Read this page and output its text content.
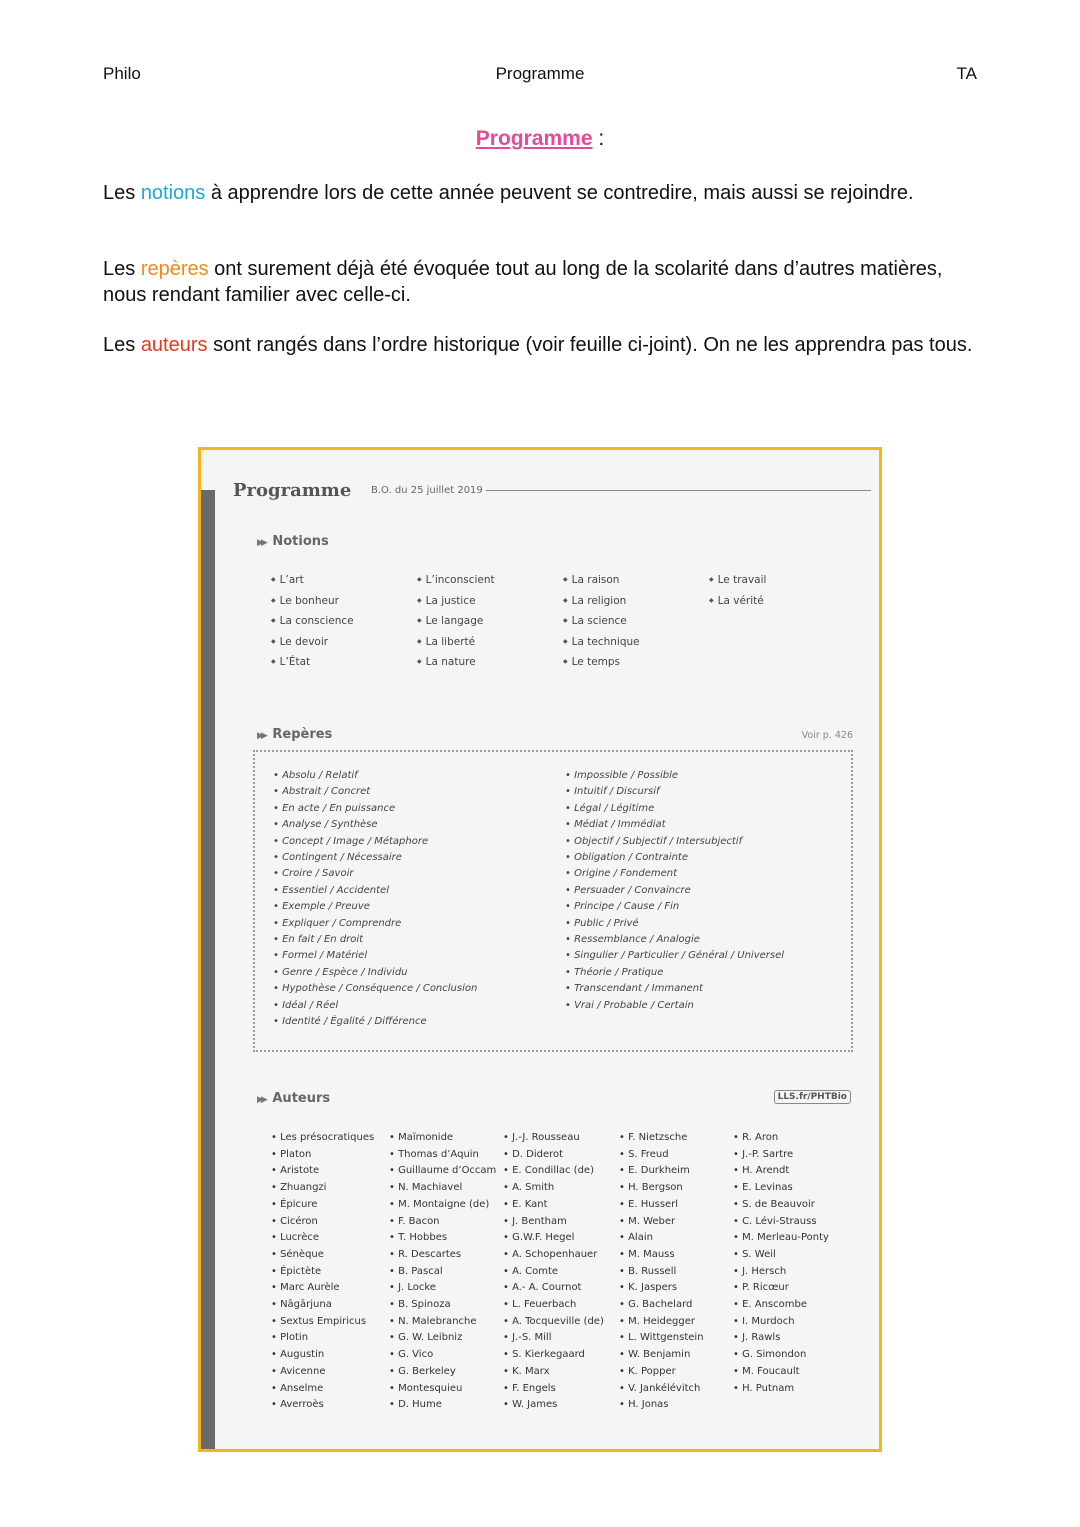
Philo	Programme	TA
Programme :
Les notions à apprendre lors de cette année peuvent se contredire, mais aussi se rejoindre.
Les repères ont surement déjà été évoquée tout au long de la scolarité dans d’autres matières, nous rendant familier avec celle-ci.
Les auteurs sont rangés dans l’ordre historique (voir feuille ci-joint). On ne les apprendra pas tous.
Programme B.O. du 25 juillet 2019
▶▶ Notions
◆ L’art
◆ Le bonheur
◆ La conscience
◆ Le devoir
◆ L’État
◆ L’inconscient
◆ La justice
◆ Le langage
◆ La liberté
◆ La nature
◆ La raison
◆ La religion
◆ La science
◆ La technique
◆ Le temps
◆ Le travail
◆ La vérité
▶▶ Repères	Voir p. 426
• Absolu / Relatif
• Abstrait / Concret
• En acte / En puissance
• Analyse / Synthèse
• Concept / Image / Métaphore
• Contingent / Nécessaire
• Croire / Savoir
• Essentiel / Accidentel
• Exemple / Preuve
• Expliquer / Comprendre
• En fait / En droit
• Formel / Matériel
• Genre / Espèce / Individu
• Hypothèse / Conséquence / Conclusion
• Idéal / Réel
• Identité / Égalité / Différence
• Impossible / Possible
• Intuitif / Discursif
• Légal / Légitime
• Médiat / Immédiat
• Objectif / Subjectif / Intersubjectif
• Obligation / Contrainte
• Origine / Fondement
• Persuader / Convaincre
• Principe / Cause / Fin
• Public / Privé
• Ressemblance / Analogie
• Singulier / Particulier / Général / Universel
• Théorie / Pratique
• Transcendant / Immanent
• Vrai / Probable / Certain
▶▶ Auteurs	LLS.fr/PHTBio
• Les présocratiques
• Platon
• Aristote
• Zhuangzi
• Épicure
• Cicéron
• Lucrèce
• Sénèque
• Épictète
• Marc Aurèle
• Nāgārjuna
• Sextus Empiricus
• Plotin
• Augustin
• Avicenne
• Anselme
• Averroès
• Maïmonide
• Thomas d’Aquin
• Guillaume d’Occam
• N. Machiavel
• M. Montaigne (de)
• F. Bacon
• T. Hobbes
• R. Descartes
• B. Pascal
• J. Locke
• B. Spinoza
• N. Malebranche
• G. W. Leibniz
• G. Vico
• G. Berkeley
• Montesquieu
• D. Hume
• J.-J. Rousseau
• D. Diderot
• E. Condillac (de)
• A. Smith
• E. Kant
• J. Bentham
• G.W.F. Hegel
• A. Schopenhauer
• A. Comte
• A.- A. Cournot
• L. Feuerbach
• A. Tocqueville (de)
• J.-S. Mill
• S. Kierkegaard
• K. Marx
• F. Engels
• W. James
• F. Nietzsche
• S. Freud
• E. Durkheim
• H. Bergson
• E. Husserl
• M. Weber
• Alain
• M. Mauss
• B. Russell
• K. Jaspers
• G. Bachelard
• M. Heidegger
• L. Wittgenstein
• W. Benjamin
• K. Popper
• V. Jankélévitch
• H. Jonas
• R. Aron
• J.-P. Sartre
• H. Arendt
• E. Levinas
• S. de Beauvoir
• C. Lévi-Strauss
• M. Merleau-Ponty
• S. Weil
• J. Hersch
• P. Ricœur
• E. Anscombe
• I. Murdoch
• J. Rawls
• G. Simondon
• M. Foucault
• H. Putnam
